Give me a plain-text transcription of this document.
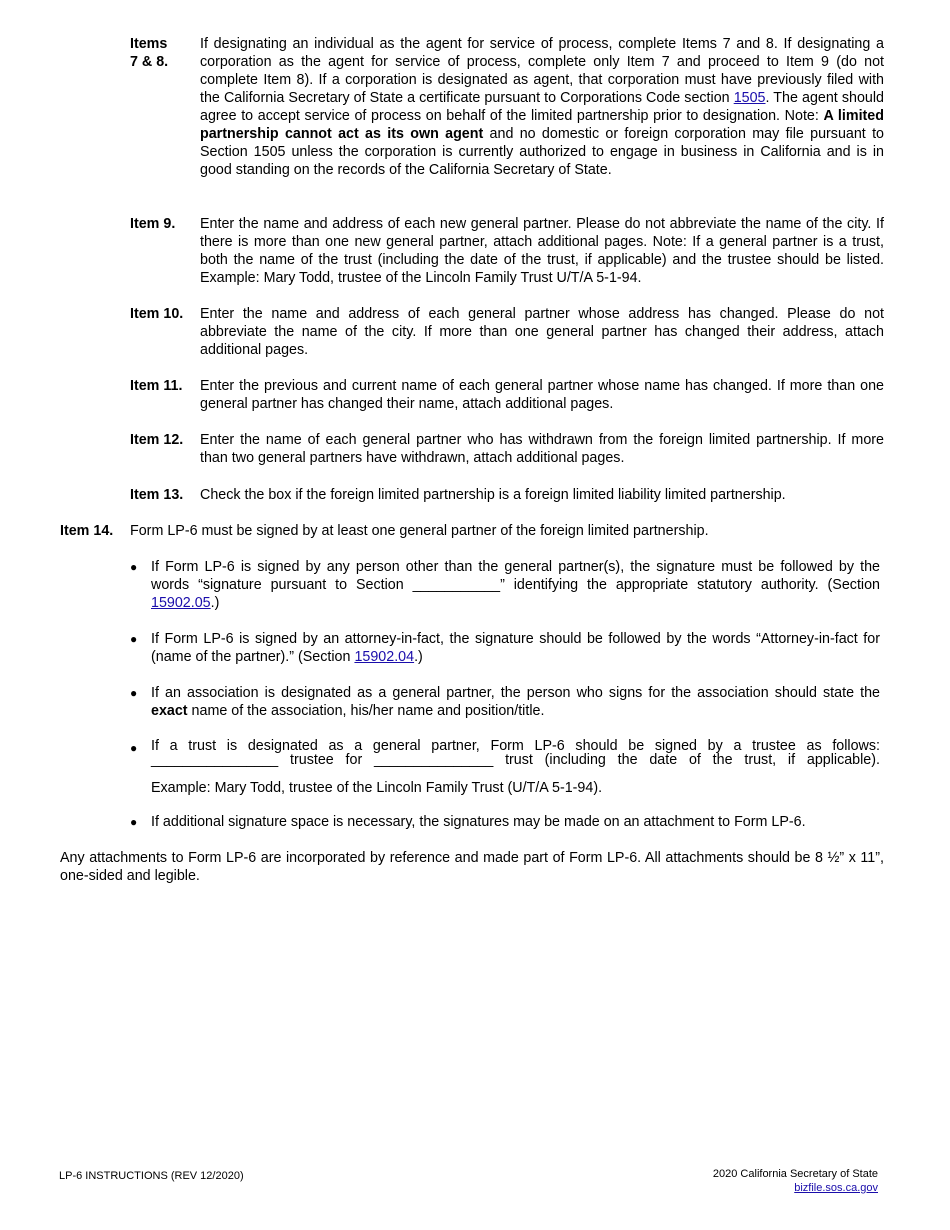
Items
7 & 8.
If designating an individual as the agent for service of process, complete Items 7 and 8. If designating a corporation as the agent for service of process, complete only Item 7 and proceed to Item 9 (do not complete Item 8). If a corporation is designated as agent, that corporation must have previously filed with the California Secretary of State a certificate pursuant to Corporations Code section 1505. The agent should agree to accept service of process on behalf of the limited partnership prior to designation. Note: A limited partnership cannot act as its own agent and no domestic or foreign corporation may file pursuant to Section 1505 unless the corporation is currently authorized to engage in business in California and is in good standing on the records of the California Secretary of State.
Item 9.	Enter the name and address of each new general partner. Please do not abbreviate the name of the city. If there is more than one new general partner, attach additional pages. Note: If a general partner is a trust, both the name of the trust (including the date of the trust, if applicable) and the trustee should be listed. Example: Mary Todd, trustee of the Lincoln Family Trust U/T/A 5-1-94.
Item 10.	Enter the name and address of each general partner whose address has changed. Please do not abbreviate the name of the city. If more than one general partner has changed their address, attach additional pages.
Item 11.	Enter the previous and current name of each general partner whose name has changed. If more than one general partner has changed their name, attach additional pages.
Item 12.	Enter the name of each general partner who has withdrawn from the foreign limited partnership. If more than two general partners have withdrawn, attach additional pages.
Item 13.	Check the box if the foreign limited partnership is a foreign limited liability limited partnership.
Item 14. Form LP-6 must be signed by at least one general partner of the foreign limited partnership.
● If Form LP-6 is signed by any person other than the general partner(s), the signature must be followed by the words “signature pursuant to Section ___________” identifying the appropriate statutory authority. (Section 15902.05.)
● If Form LP-6 is signed by an attorney-in-fact, the signature should be followed by the words “Attorney-in-fact for (name of the partner).” (Section 15902.04.)
● If an association is designated as a general partner, the person who signs for the association should state the exact name of the association, his/her name and position/title.
● If a trust is designated as a general partner, Form LP-6 should be signed by a trustee as follows:
________________ trustee for _______________ trust (including the date of the trust, if applicable).
Example: Mary Todd, trustee of the Lincoln Family Trust (U/T/A 5-1-94).
● If additional signature space is necessary, the signatures may be made on an attachment to Form LP-6.
Any attachments to Form LP-6 are incorporated by reference and made part of Form LP-6. All attachments should be 8 ½” x 11”, one-sided and legible.
LP-6 INSTRUCTIONS (REV 12/2020)	2020 California Secretary of State
bizfile.sos.ca.gov
